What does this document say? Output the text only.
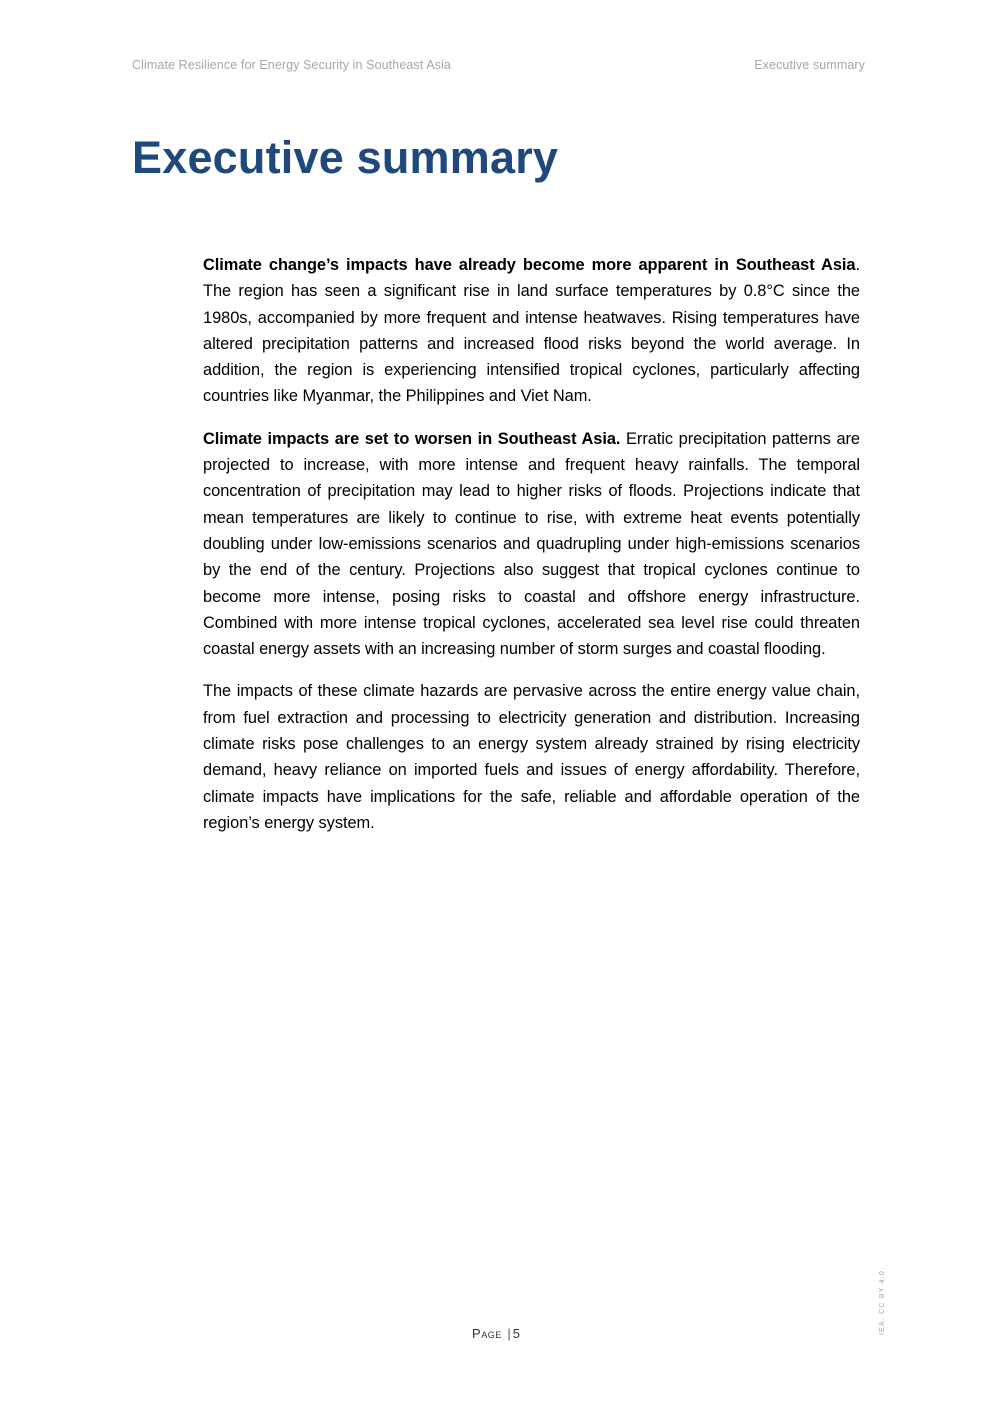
Climate Resilience for Energy Security in Southeast Asia	Executive summary
Executive summary

Climate change’s impacts have already become more apparent in Southeast Asia. The region has seen a significant rise in land surface temperatures by 0.8°C since the 1980s, accompanied by more frequent and intense heatwaves. Rising temperatures have altered precipitation patterns and increased flood risks beyond the world average. In addition, the region is experiencing intensified tropical cyclones, particularly affecting countries like Myanmar, the Philippines and Viet Nam.

Climate impacts are set to worsen in Southeast Asia. Erratic precipitation patterns are projected to increase, with more intense and frequent heavy rainfalls. The temporal concentration of precipitation may lead to higher risks of floods. Projections indicate that mean temperatures are likely to continue to rise, with extreme heat events potentially doubling under low-emissions scenarios and quadrupling under high-emissions scenarios by the end of the century. Projections also suggest that tropical cyclones continue to become more intense, posing risks to coastal and offshore energy infrastructure. Combined with more intense tropical cyclones, accelerated sea level rise could threaten coastal energy assets with an increasing number of storm surges and coastal flooding.

The impacts of these climate hazards are pervasive across the entire energy value chain, from fuel extraction and processing to electricity generation and distribution. Increasing climate risks pose challenges to an energy system already strained by rising electricity demand, heavy reliance on imported fuels and issues of energy affordability. Therefore, climate impacts have implications for the safe, reliable and affordable operation of the region’s energy system.

Page | 5	IEA. CC BY 4.0.
